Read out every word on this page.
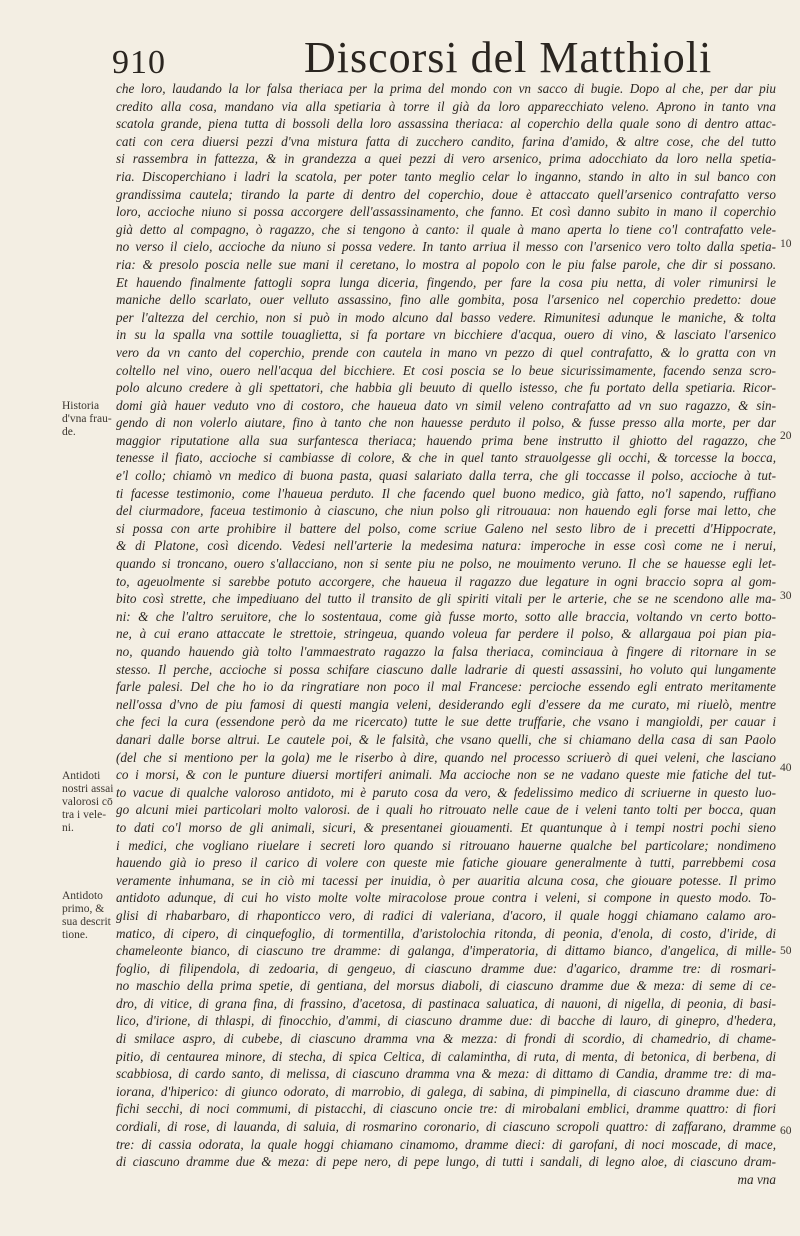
910	Discorsi del Matthioli
che loro, laudando la lor falsa theriaca per la prima del mondo con vn sacco di bugie. Dopo al che, per dar piu
credito alla cosa, mandano via alla spetiaria à torre il già da loro apparecchiato veleno. Aprono in tanto vna
scatola grande, piena tutta di bossoli della loro assassina theriaca: al coperchio della quale sono di dentro attac-
cati con cera diuersi pezzi d'vna mistura fatta di zucchero candito, farina d'amido, & altre cose, che del tutto
si rassembra in fattezza, & in grandezza a quei pezzi di vero arsenico, prima adocchiato da loro nella spetia-
ria. Discoperchiano i ladri la scatola, per poter tanto meglio celar lo inganno, stando in alto in sul banco con
grandissima cautela; tirando la parte di dentro del coperchio, doue è attaccato quell'arsenico contrafatto verso
loro, accioche niuno si possa accorgere dell'assassinamento, che fanno. Et così danno subito in mano il coperchio
già detto al compagno, ò ragazzo, che si tengono à canto: il quale à mano aperta lo tiene co'l contrafatto vele-
no verso il cielo, accioche da niuno si possa vedere. In tanto arriua il messo con l'arsenico vero tolto dalla spetia-
ria: & presolo poscia nelle sue mani il ceretano, lo mostra al popolo con le piu false parole, che dir si possano.
Et hauendo finalmente fattogli sopra lunga diceria, fingendo, per fare la cosa piu netta, di voler rimunirsi le
maniche dello scarlato, ouer velluto assassino, fino alle gombita, posa l'arsenico nel coperchio predetto: doue
per l'altezza del cerchio, non si può in modo alcuno dal basso vedere. Rimunitesi adunque le maniche, & tolta
in su la spalla vna sottile touaglietta, si fa portare vn bicchiere d'acqua, ouero di vino, & lasciato l'arsenico
vero da vn canto del coperchio, prende con cautela in mano vn pezzo di quel contrafatto, & lo gratta con vn
coltello nel vino, ouero nell'acqua del bicchiere. Et cosi poscia se lo beue sicurissimamente, facendo senza scro-
polo alcuno credere à gli spettatori, che habbia gli beuuto di quello istesso, che fu portato della spetiaria. Ricor-
domi già hauer veduto vno di costoro, che haueua dato vn simil veleno contrafatto ad vn suo ragazzo, & sin-
gendo di non volerlo aiutare, fino à tanto che non hauesse perduto il polso, & fusse presso alla morte, per dar
maggior riputatione alla sua surfantesca theriaca; hauendo prima bene instrutto il ghiotto del ragazzo, che
tenesse il fiato, accioche si cambiasse di colore, & che in quel tanto strauolgesse gli occhi, & torcesse la bocca,
e'l collo; chiamò vn medico di buona pasta, quasi salariato dalla terra, che gli toccasse il polso, accioche à tut-
ti facesse testimonio, come l'haueua perduto. Il che facendo quel buono medico, già fatto, no'l sapendo, ruffiano
del ciurmadore, faceua testimonio à ciascuno, che niun polso gli ritrouaua: non hauendo egli forse mai letto, che
si possa con arte prohibire il battere del polso, come scriue Galeno nel sesto libro de i precetti d'Hippocrate,
& di Platone, così dicendo. Vedesi nell'arterie la medesima natura: imperoche in esse così come ne i nerui,
quando si troncano, ouero s'allacciano, non si sente piu ne polso, ne mouimento veruno. Il che se hauesse egli let-
to, ageuolmente si sarebbe potuto accorgere, che haueua il ragazzo due legature in ogni braccio sopra al gom-
bito così strette, che impediuano del tutto il transito de gli spiriti vitali per le arterie, che se ne scendono alle ma-
ni: & che l'altro seruitore, che lo sostentaua, come già fusse morto, sotto alle braccia, voltando vn certo botto-
ne, à cui erano attaccate le strettoie, stringeua, quando voleua far perdere il polso, & allargaua poi pian pia-
no, quando hauendo già tolto l'ammaestrato ragazzo la falsa theriaca, cominciaua à fingere di ritornare in se
stesso. Il perche, accioche si possa schifare ciascuno dalle ladrarie di questi assassini, ho voluto qui lungamente
farle palesi. Del che ho io da ringratiare non poco il mal Francese: percioche essendo egli entrato meritamente
nell'ossa d'vno de piu famosi di questi mangia veleni, desiderando egli d'essere da me curato, mi riuelò, mentre
che feci la cura (essendone però da me ricercato) tutte le sue dette truffarie, che vsano i mangioldi, per cauar i
danari dalle borse altrui. Le cautele poi, & le falsità, che vsano quelli, che si chiamano della casa di san Paolo
(del che si mentiono per la gola) me le riserbo à dire, quando nel processo scriuerò di quei veleni, che lasciano
co i morsi, & con le punture diuersi mortiferi animali. Ma accioche non se ne vadano queste mie fatiche del tut-
to vacue di qualche valoroso antidoto, mi è paruto cosa da vero, & fedelissimo medico di scriuerne in questo luo-
go alcuni miei particolari molto valorosi. de i quali ho ritrouato nelle caue de i veleni tanto tolti per bocca, quan
to dati co'l morso de gli animali, sicuri, & presentanei giouamenti. Et quantunque à i tempi nostri pochi sieno
i medici, che vogliano riuelare i secreti loro quando si ritrouano hauerne qualche bel particolare; nondimeno
hauendo già io preso il carico di volere con queste mie fatiche giouare generalmente à tutti, parrebbemi cosa
veramente inhumana, se in ciò mi tacessi per inuidia, ò per auaritia alcuna cosa, che giouare potesse. Il primo
antidoto adunque, di cui ho visto molte volte miracolose proue contra i veleni, si compone in questo modo. To-
glisi di rhabarbaro, di rhaponticco vero, di radici di valeriana, d'acoro, il quale hoggi chiamano calamo aro-
matico, di cipero, di cinquefoglio, di tormentilla, d'aristolochia ritonda, di peonia, d'enola, di costo, d'iride, di
chameleonte bianco, di ciascuno tre dramme: di galanga, d'imperatoria, di dittamo bianco, d'angelica, di mille-
foglio, di filipendola, di zedoaria, di gengeuo, di ciascuno dramme due: d'agarico, dramme tre: di rosmari-
no maschio della prima spetie, di gentiana, del morsus diaboli, di ciascuno dramme due & meza: di seme di ce-
dro, di vitice, di grana fina, di frassino, d'acetosa, di pastinaca saluatica, di nauoni, di nigella, di peonia, di basi-
lico, d'irione, di thlaspi, di finocchio, d'ammi, di ciascuno dramme due: di bacche di lauro, di ginepro, d'hedera,
di smilace aspro, di cubebe, di ciascuno dramma vna & mezza: di frondi di scordio, di chamedrio, di chame-
pitio, di centaurea minore, di stecha, di spica Celtica, di calamintha, di ruta, di menta, di betonica, di berbena, di
scabbiosa, di cardo santo, di melissa, di ciascuno dramma vna & meza: di dittamo di Candia, dramme tre: di ma-
iorana, d'hiperico: di giunco odorato, di marrobio, di galega, di sabina, di pimpinella, di ciascuno dramme due: di
fichi secchi, di noci commumi, di pistacchi, di ciascuno oncie tre: di mirobalani emblici, dramme quattro: di fiori
cordiali, di rose, di lauanda, di saluia, di rosmarino coronario, di ciascuno scropoli quattro: di zaffarano, dramme
tre: di cassia odorata, la quale hoggi chiamano cinamomo, dramme dieci: di garofani, di noci moscade, di mace,
di ciascuno dramme due & meza: di pepe nero, di pepe lungo, di tutti i sandali, di legno aloe, di ciascuno dram-
ma vna
Historia
d'vna frau-
de.
Antidoti
nostri assai
valorosi cō
tra i vele-
ni.
Antidoto
primo, &
sua descrit
tione.
10
20
30
40
50
60
